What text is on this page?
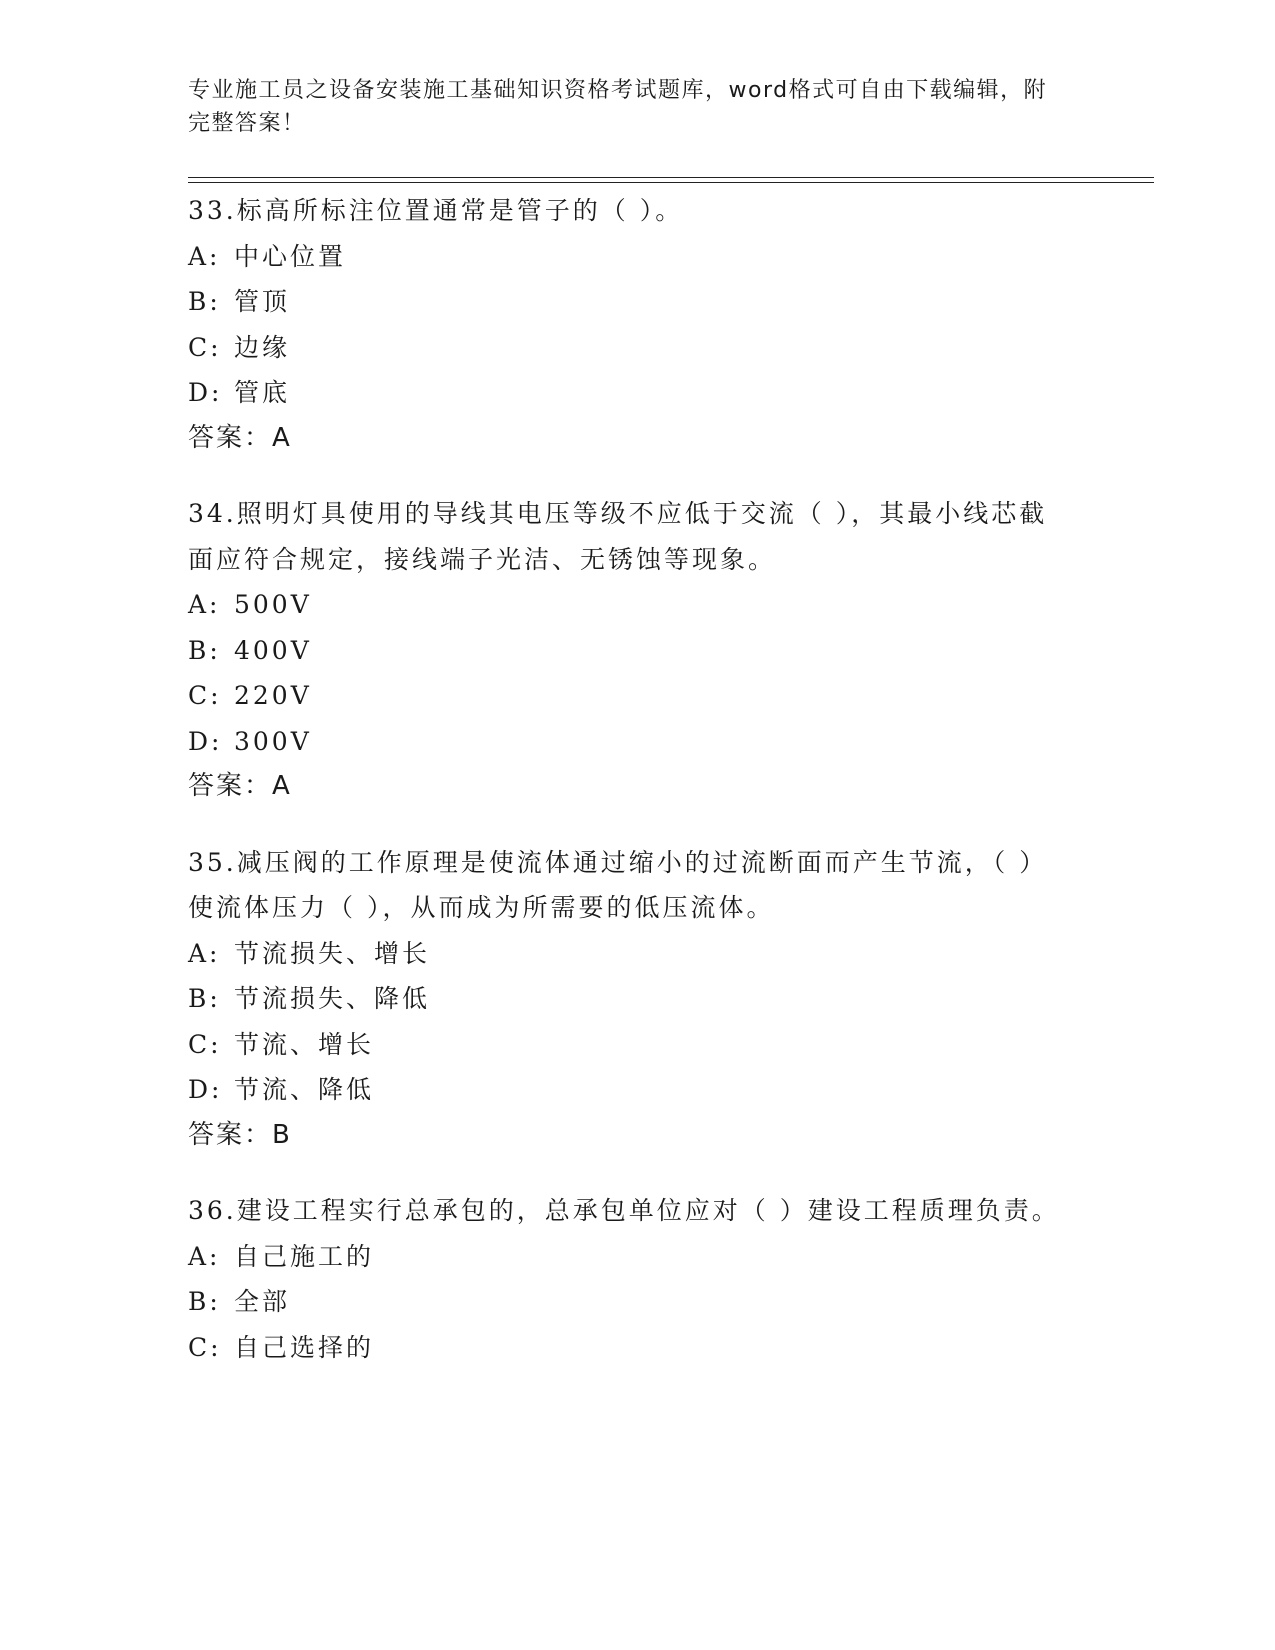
专业施工员之设备安装施工基础知识资格考试题库，word格式可自由下载编辑，附完整答案！

33.标高所标注位置通常是管子的（ ）。

A: 中心位置

B: 管顶

C: 边缘

D: 管底

答案：A

34.照明灯具使用的导线其电压等级不应低于交流（ ），其最小线芯截面应符合规定，接线端子光洁、无锈蚀等现象。

A: 500V

B: 400V

C: 220V

D: 300V

答案：A

35.减压阀的工作原理是使流体通过缩小的过流断面而产生节流，（ ）使流体压力（ ），从而成为所需要的低压流体。

A: 节流损失、增长

B: 节流损失、降低

C: 节流、增长

D: 节流、降低

答案：B

36.建设工程实行总承包的，总承包单位应对（ ）建设工程质理负责。

A: 自己施工的

B: 全部

C: 自己选择的
